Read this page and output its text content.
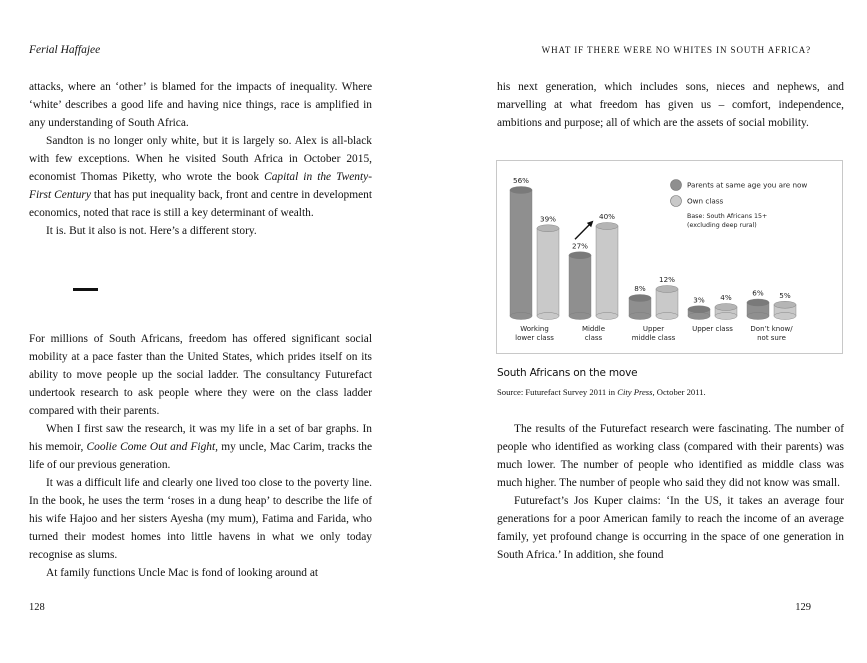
Ferial Haffajee

attacks, where an ‘other’ is blamed for the impacts of inequality. Where ‘white’ describes a good life and having nice things, race is amplified in any understanding of South Africa.

Sandton is no longer only white, but it is largely so. Alex is all-black with few exceptions. When he visited South Africa in October 2015, economist Thomas Piketty, who wrote the book Capital in the Twenty-First Century that has put inequality back, front and centre in development economics, noted that race is still a key determinant of wealth.

It is. But it also is not. Here’s a different story.

For millions of South Africans, freedom has offered significant social mobility at a pace faster than the United States, which prides itself on its ability to move people up the social ladder. The consultancy Futurefact undertook research to ask people where they were on the class ladder compared with their parents.

When I first saw the research, it was my life in a set of bar graphs. In his memoir, Coolie Come Out and Fight, my uncle, Mac Carim, tracks the life of our previous generation.

It was a difficult life and clearly one lived too close to the poverty line. In the book, he uses the term ‘roses in a dung heap’ to describe the life of his wife Hajoo and her sisters Ayesha (my mum), Fatima and Farida, who turned their modest homes into little havens in what we only today recognise as slums.

At family functions Uncle Mac is fond of looking around at

128
WHAT IF THERE WERE NO WHITES IN SOUTH AFRICA?

his next generation, which includes sons, nieces and nephews, and marvelling at what freedom has given us – comfort, independence, ambitions and purpose; all of which are the assets of social mobility.

56%
39%
Working
lower class
27%
40%
Middle
class
8%
12%
Upper
middle class
3% 4%
Upper class
6% 5%
Don’t know/
not sure
Parents at same age you are now
Own class
Base: South Africans 15+
(excluding deep rural)
South Africans on the move
Source: Futurefact Survey 2011 in City Press, October 2011.

The results of the Futurefact research were fascinating. The number of people who identified as working class (compared with their parents) was much lower. The number of people who identified as middle class was much higher. The number of people who said they did not know was small.

Futurefact’s Jos Kuper claims: ‘In the US, it takes an average four generations for a poor American family to reach the income of an average family, yet profound change is occurring in the space of one generation in South Africa.’ In addition, she found

129
